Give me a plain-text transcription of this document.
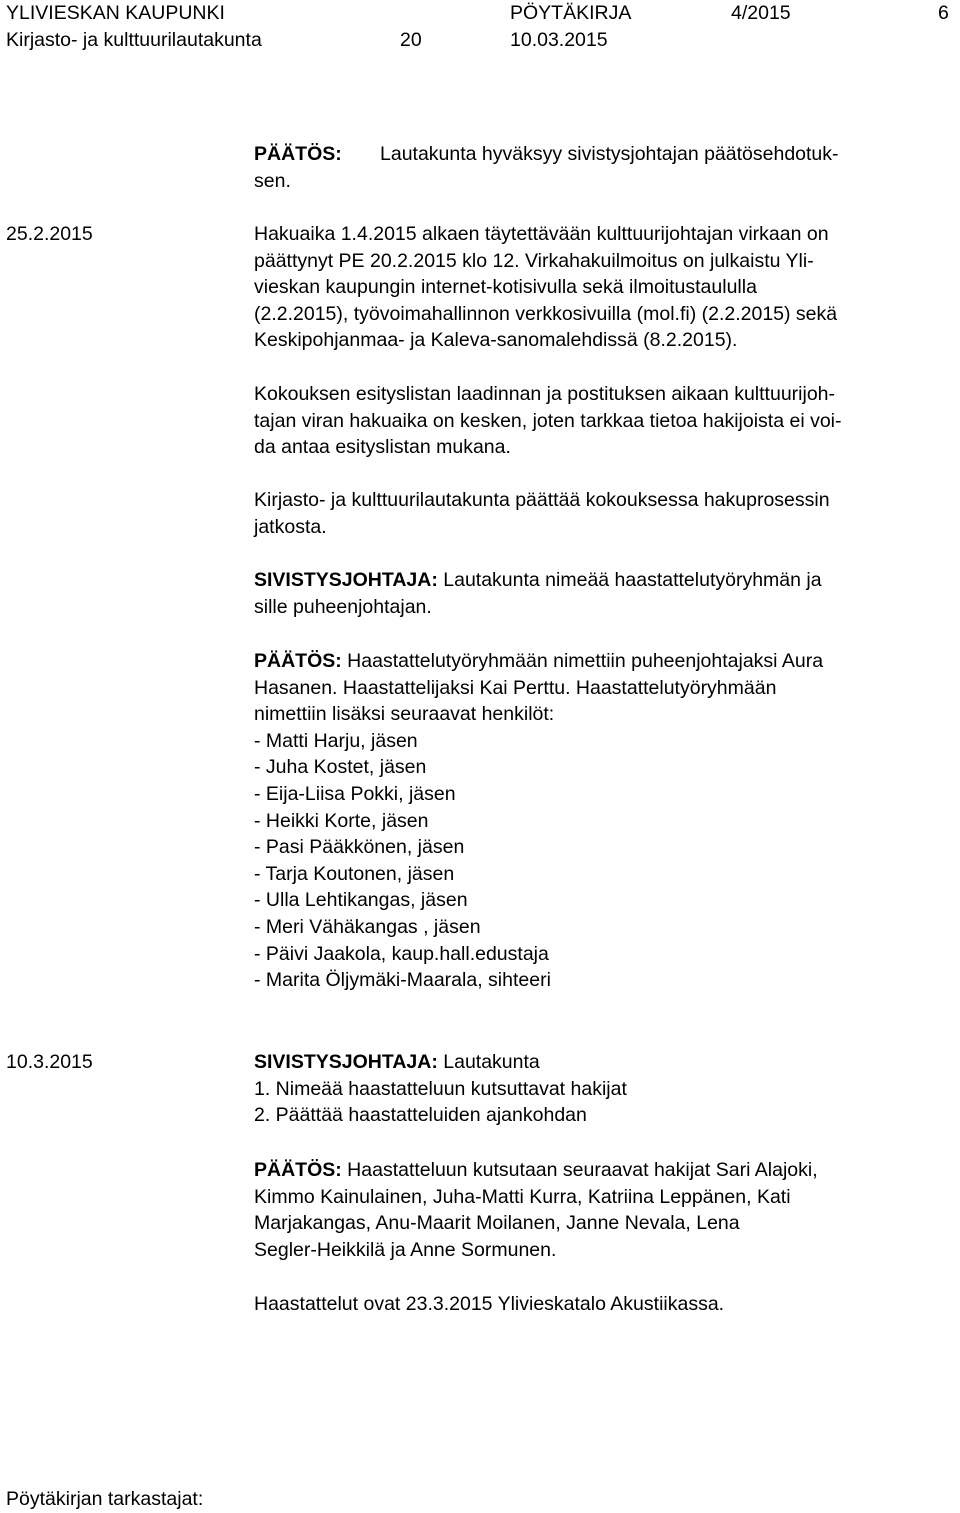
YLIVIESKAN KAUPUNKI	PÖYTÄKIRJA	4/2015	6
Kirjasto- ja kulttuurilautakunta	20	10.03.2015
PÄÄTÖS: Lautakunta hyväksyy sivistysjohtajan päätösehdotuk-
sen.
25.2.2015	Hakuaika 1.4.2015 alkaen täytettävään kulttuurijohtajan virkaan on
päättynyt PE 20.2.2015 klo 12. Virkahakuilmoitus on julkaistu Yli-
vieskan kaupungin internet-kotisivulla sekä ilmoitustaululla
(2.2.2015), työvoimahallinnon verkkosivuilla (mol.fi) (2.2.2015) sekä
Keskipohjanmaa- ja Kaleva-sanomalehdissä (8.2.2015).
Kokouksen esityslistan laadinnan ja postituksen aikaan kulttuurijoh-
tajan viran hakuaika on kesken, joten tarkkaa tietoa hakijoista ei voi-
da antaa esityslistan mukana.
Kirjasto- ja kulttuurilautakunta päättää kokouksessa hakuprosessin
jatkosta.
SIVISTYSJOHTAJA: Lautakunta nimeää haastattelutyöryhmän ja
sille puheenjohtajan.
PÄÄTÖS: Haastattelutyöryhmään nimettiin puheenjohtajaksi Aura
Hasanen. Haastattelijaksi Kai Perttu. Haastattelutyöryhmään
nimettiin lisäksi seuraavat henkilöt:
- Matti Harju, jäsen
- Juha Kostet, jäsen
- Eija-Liisa Pokki, jäsen
- Heikki Korte, jäsen
- Pasi Pääkkönen, jäsen
- Tarja Koutonen, jäsen
- Ulla Lehtikangas, jäsen
- Meri Vähäkangas , jäsen
- Päivi Jaakola, kaup.hall.edustaja
- Marita Öljymäki-Maarala, sihteeri
10.3.2015	SIVISTYSJOHTAJA: Lautakunta
1. Nimeää haastatteluun kutsuttavat hakijat
2. Päättää haastatteluiden ajankohdan
PÄÄTÖS: Haastatteluun kutsutaan seuraavat hakijat Sari Alajoki,
Kimmo Kainulainen, Juha-Matti Kurra, Katriina Leppänen, Kati
Marjakangas, Anu-Maarit Moilanen, Janne Nevala, Lena
Segler-Heikkilä ja Anne Sormunen.
Haastattelut ovat 23.3.2015 Ylivieskatalo Akustiikassa.
Pöytäkirjan tarkastajat:
